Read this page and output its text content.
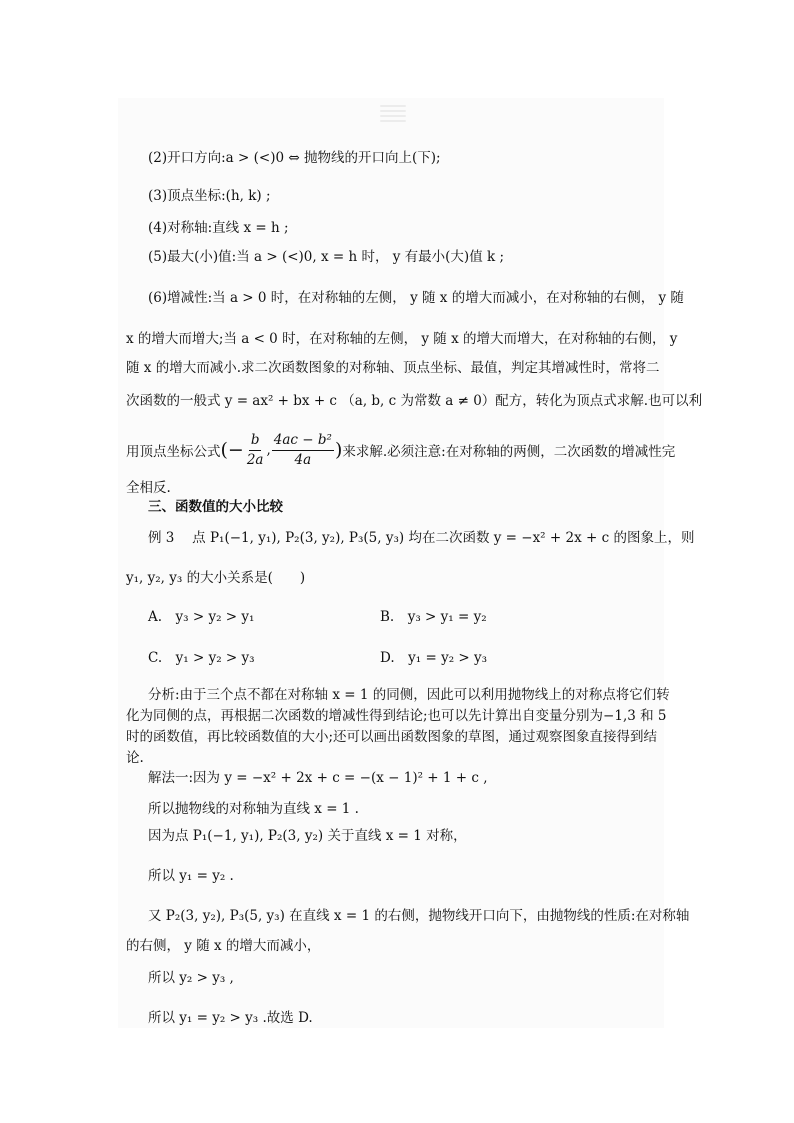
(2)开口方向:a > (<)0 ⇔ 抛物线的开口向上(下);
(3)顶点坐标:(h, k) ;
(4)对称轴:直线 x = h ;
(5)最大(小)值:当 a > (<)0, x = h 时， y 有最小(大)值 k ;
(6)增减性:当 a > 0 时，在对称轴的左侧， y 随 x 的增大而减小，在对称轴的右侧， y 随
x 的增大而增大;当 a < 0 时，在对称轴的左侧， y 随 x 的增大而增大，在对称轴的右侧， y
随 x 的增大而减小.求二次函数图象的对称轴、顶点坐标、最值，判定其增减性时，常将二
次函数的一般式 y = ax² + bx + c （a, b, c 为常数 a ≠ 0）配方，转化为顶点式求解.也可以利
用顶点坐标公式 (− $\frac{b}{2a}$ , $\frac{\text{4ac − b²}}{4a}$ ) 来求解.必须注意:在对称轴的两侧，二次函数的增减性完
全相反.
三、函数值的大小比较
例 3　 点 P₁(−1, y₁), P₂(3, y₂), P₃(5, y₃) 均在二次函数 y = −x² + 2x + c 的图象上，则
y₁, y₂, y₃ 的大小关系是(　　)
A.　y₃ > y₂ > y₁	B.　y₃ > y₁ = y₂
C.　y₁ > y₂ > y₃	D.　y₁ = y₂ > y₃
分析:由于三个点不都在对称轴 x = 1 的同侧，因此可以利用抛物线上的对称点将它们转
化为同侧的点，再根据二次函数的增减性得到结论;也可以先计算出自变量分别为−1,3 和 5
时的函数值，再比较函数值的大小;还可以画出函数图象的草图，通过观察图象直接得到结
论.
解法一:因为 y = −x² + 2x + c = −(x − 1)² + 1 + c ,
所以抛物线的对称轴为直线 x = 1 .
因为点 P₁(−1, y₁), P₂(3, y₂) 关于直线 x = 1 对称，
所以 y₁ = y₂ .
又 P₂(3, y₂), P₃(5, y₃) 在直线 x = 1 的右侧，抛物线开口向下，由抛物线的性质:在对称轴
的右侧， y 随 x 的增大而减小，
所以 y₂ > y₃ ,
所以 y₁ = y₂ > y₃ .故选 D.
